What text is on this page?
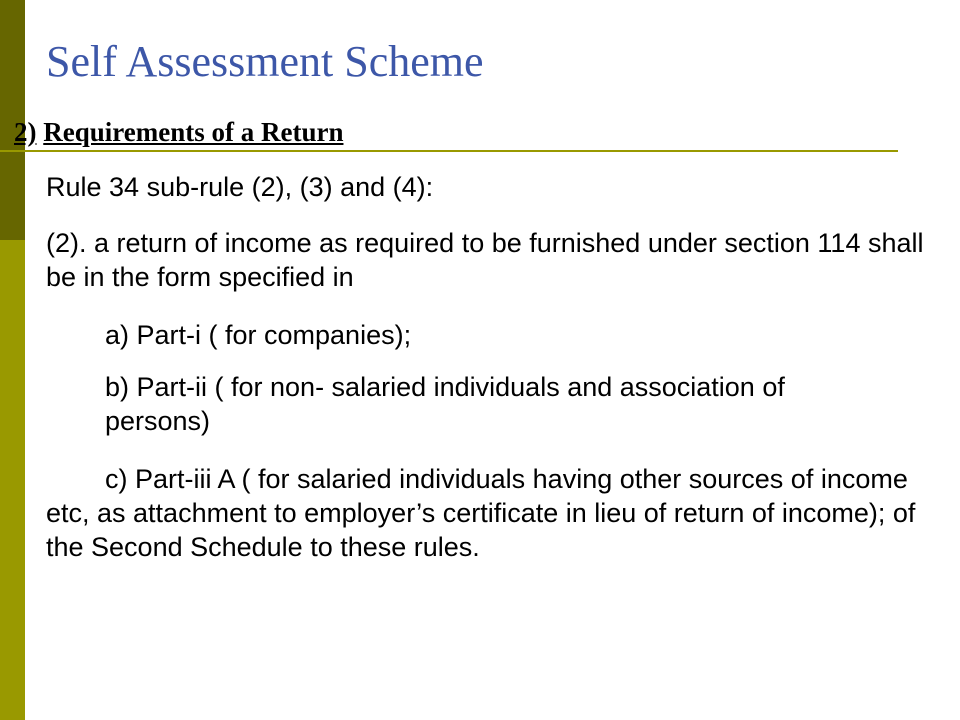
Self Assessment Scheme
2) Requirements of a Return
Rule 34 sub-rule (2), (3) and (4):
(2). a return of income as required to be furnished under section 114 shall be in the form specified in
a) Part-i ( for companies);
b) Part-ii ( for non- salaried individuals and association of persons)
c) Part-iii A ( for salaried individuals having other sources of income etc, as attachment to employer’s certificate in lieu of return of income); of the Second Schedule to these rules.
